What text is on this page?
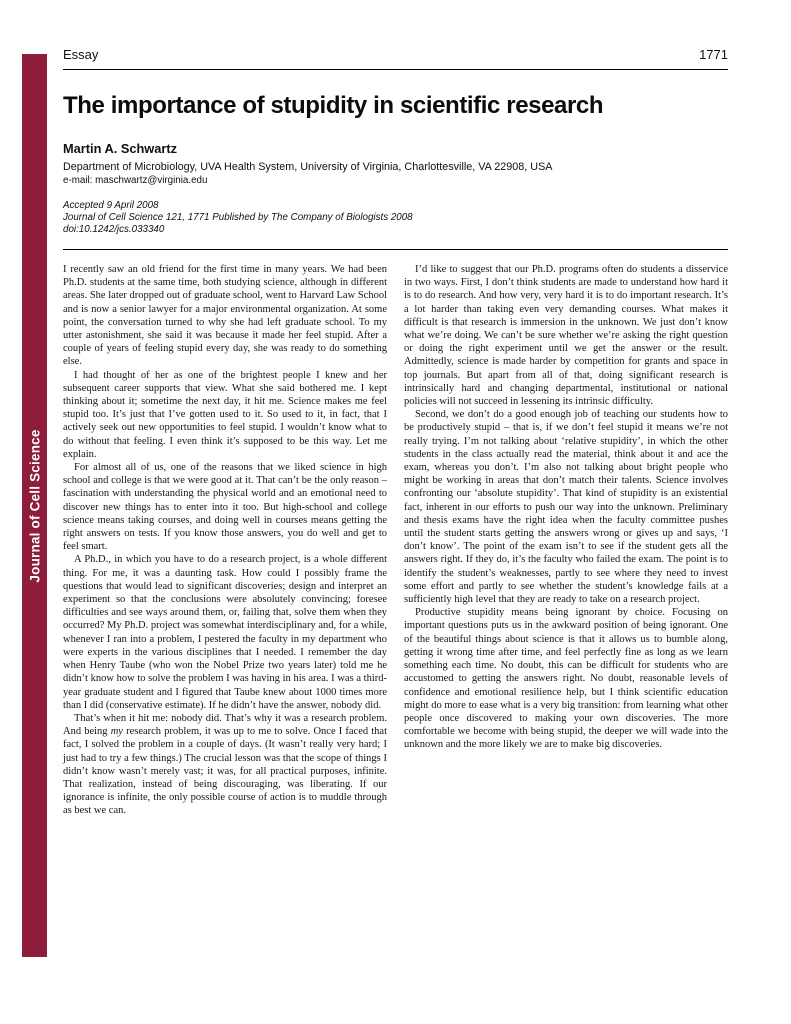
Journal of Cell Science
Essay	1771
The importance of stupidity in scientific research
Martin A. Schwartz
Department of Microbiology, UVA Health System, University of Virginia, Charlottesville, VA 22908, USA
e-mail: maschwartz@virginia.edu
Accepted 9 April 2008
Journal of Cell Science 121, 1771 Published by The Company of Biologists 2008
doi:10.1242/jcs.033340

I recently saw an old friend for the first time in many years. We had been Ph.D. students at the same time, both studying science, although in different areas. She later dropped out of graduate school, went to Harvard Law School and is now a senior lawyer for a major environmental organization. At some point, the conversation turned to why she had left graduate school. To my utter astonishment, she said it was because it made her feel stupid. After a couple of years of feeling stupid every day, she was ready to do something else.

I had thought of her as one of the brightest people I knew and her subsequent career supports that view. What she said bothered me. I kept thinking about it; sometime the next day, it hit me. Science makes me feel stupid too. It’s just that I’ve gotten used to it. So used to it, in fact, that I actively seek out new opportunities to feel stupid. I wouldn’t know what to do without that feeling. I even think it’s supposed to be this way. Let me explain.

For almost all of us, one of the reasons that we liked science in high school and college is that we were good at it. That can’t be the only reason – fascination with understanding the physical world and an emotional need to discover new things has to enter into it too. But high-school and college science means taking courses, and doing well in courses means getting the right answers on tests. If you know those answers, you do well and get to feel smart.

A Ph.D., in which you have to do a research project, is a whole different thing. For me, it was a daunting task. How could I possibly frame the questions that would lead to significant discoveries; design and interpret an experiment so that the conclusions were absolutely convincing; foresee difficulties and see ways around them, or, failing that, solve them when they occurred? My Ph.D. project was somewhat interdisciplinary and, for a while, whenever I ran into a problem, I pestered the faculty in my department who were experts in the various disciplines that I needed. I remember the day when Henry Taube (who won the Nobel Prize two years later) told me he didn’t know how to solve the problem I was having in his area. I was a third-year graduate student and I figured that Taube knew about 1000 times more than I did (conservative estimate). If he didn’t have the answer, nobody did.

That’s when it hit me: nobody did. That’s why it was a research problem. And being my research problem, it was up to me to solve. Once I faced that fact, I solved the problem in a couple of days. (It wasn’t really very hard; I just had to try a few things.) The crucial lesson was that the scope of things I didn’t know wasn’t merely vast; it was, for all practical purposes, infinite. That realization, instead of being discouraging, was liberating. If our ignorance is infinite, the only possible course of action is to muddle through as best we can.

I’d like to suggest that our Ph.D. programs often do students a disservice in two ways. First, I don’t think students are made to understand how hard it is to do research. And how very, very hard it is to do important research. It’s a lot harder than taking even very demanding courses. What makes it difficult is that research is immersion in the unknown. We just don’t know what we’re doing. We can’t be sure whether we’re asking the right question or doing the right experiment until we get the answer or the result. Admittedly, science is made harder by competition for grants and space in top journals. But apart from all of that, doing significant research is intrinsically hard and changing departmental, institutional or national policies will not succeed in lessening its intrinsic difficulty.

Second, we don’t do a good enough job of teaching our students how to be productively stupid – that is, if we don’t feel stupid it means we’re not really trying. I’m not talking about ‘relative stupidity’, in which the other students in the class actually read the material, think about it and ace the exam, whereas you don’t. I’m also not talking about bright people who might be working in areas that don’t match their talents. Science involves confronting our ‘absolute stupidity’. That kind of stupidity is an existential fact, inherent in our efforts to push our way into the unknown. Preliminary and thesis exams have the right idea when the faculty committee pushes until the student starts getting the answers wrong or gives up and says, ‘I don’t know’. The point of the exam isn’t to see if the student gets all the answers right. If they do, it’s the faculty who failed the exam. The point is to identify the student’s weaknesses, partly to see where they need to invest some effort and partly to see whether the student’s knowledge fails at a sufficiently high level that they are ready to take on a research project.

Productive stupidity means being ignorant by choice. Focusing on important questions puts us in the awkward position of being ignorant. One of the beautiful things about science is that it allows us to bumble along, getting it wrong time after time, and feel perfectly fine as long as we learn something each time. No doubt, this can be difficult for students who are accustomed to getting the answers right. No doubt, reasonable levels of confidence and emotional resilience help, but I think scientific education might do more to ease what is a very big transition: from learning what other people once discovered to making your own discoveries. The more comfortable we become with being stupid, the deeper we will wade into the unknown and the more likely we are to make big discoveries.
